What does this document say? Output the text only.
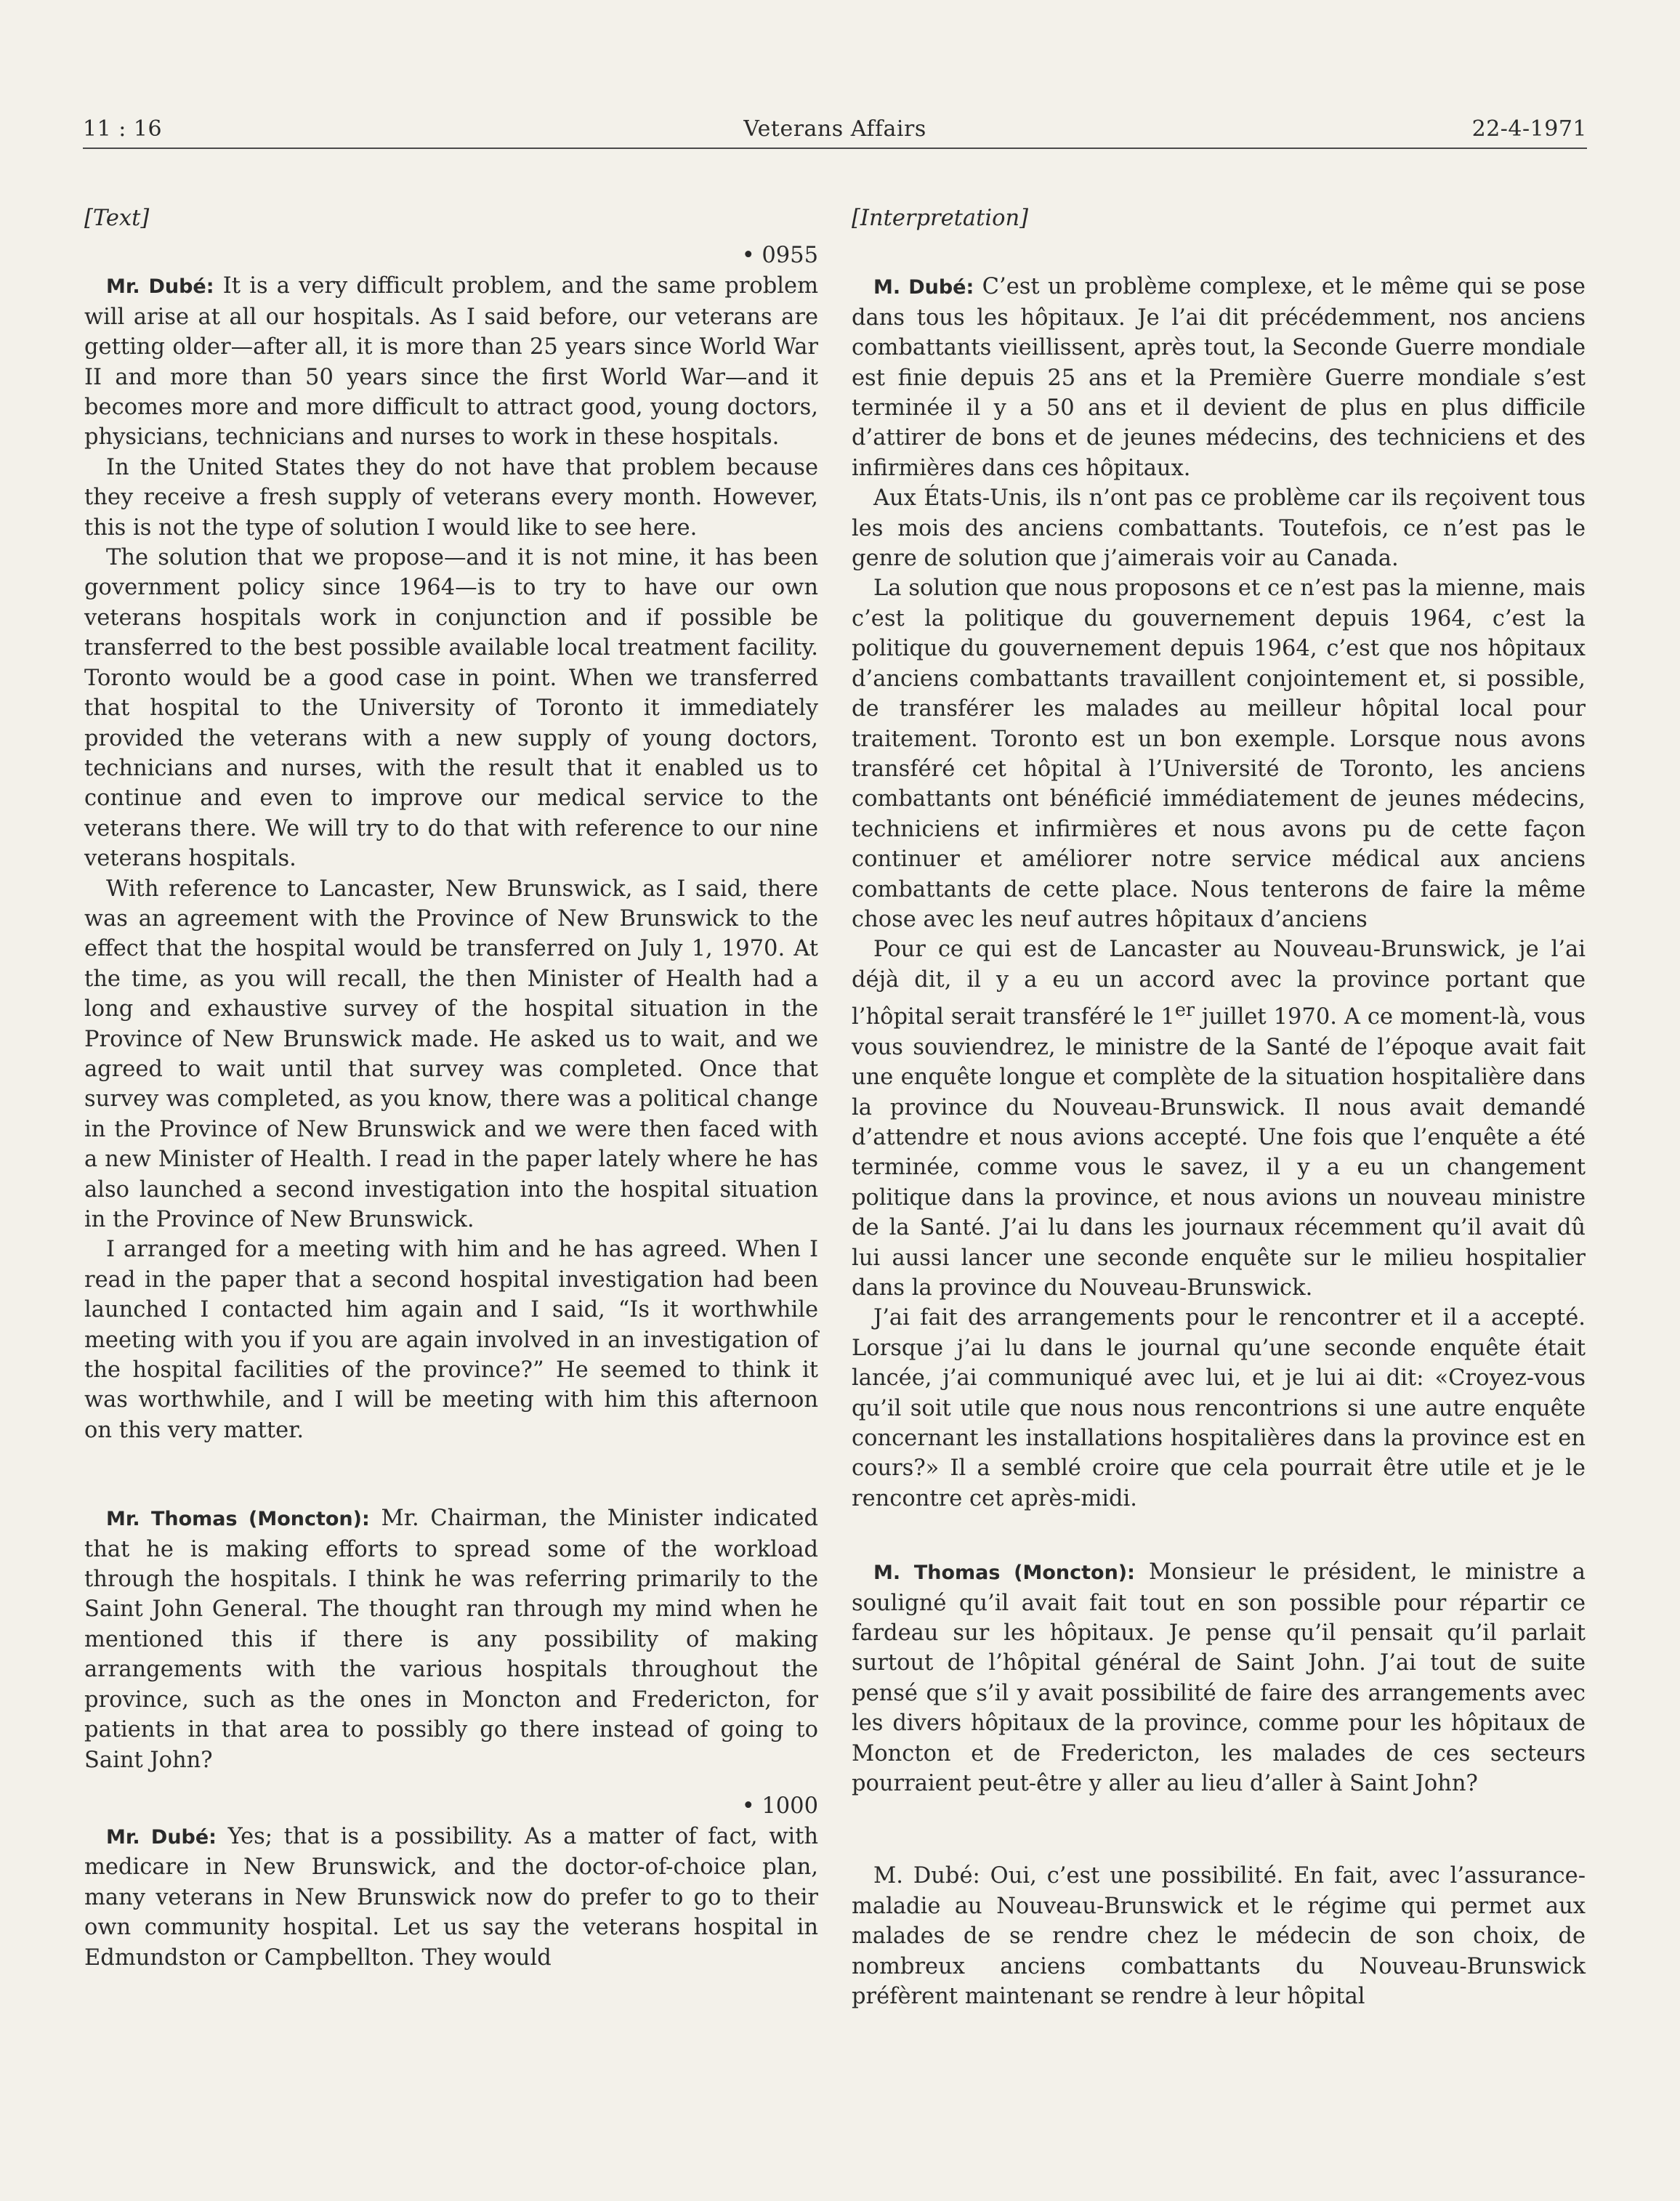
11 : 16	Veterans Affairs	22-4-1971

[Text]

• 0955

Mr. Dubé: It is a very difficult problem, and the same problem will arise at all our hospitals. As I said before, our veterans are getting older—after all, it is more than 25 years since World War II and more than 50 years since the first World War—and it becomes more and more difficult to attract good, young doctors, physicians, technicians and nurses to work in these hospitals.

In the United States they do not have that problem because they receive a fresh supply of veterans every month. However, this is not the type of solution I would like to see here.

The solution that we propose—and it is not mine, it has been government policy since 1964—is to try to have our own veterans hospitals work in conjunction and if possible be transferred to the best possible available local treatment facility. Toronto would be a good case in point. When we transferred that hospital to the University of Toronto it immediately provided the veterans with a new supply of young doctors, technicians and nurses, with the result that it enabled us to continue and even to improve our medical service to the veterans there. We will try to do that with reference to our nine veterans hospitals.

With reference to Lancaster, New Brunswick, as I said, there was an agreement with the Province of New Brunswick to the effect that the hospital would be transferred on July 1, 1970. At the time, as you will recall, the then Minister of Health had a long and exhaustive survey of the hospital situation in the Province of New Brunswick made. He asked us to wait, and we agreed to wait until that survey was completed. Once that survey was completed, as you know, there was a political change in the Province of New Brunswick and we were then faced with a new Minister of Health. I read in the paper lately where he has also launched a second investigation into the hospital situation in the Province of New Brunswick.

I arranged for a meeting with him and he has agreed. When I read in the paper that a second hospital investigation had been launched I contacted him again and I said, “Is it worthwhile meeting with you if you are again involved in an investigation of the hospital facilities of the province?” He seemed to think it was worthwhile, and I will be meeting with him this afternoon on this very matter.

Mr. Thomas (Moncton): Mr. Chairman, the Minister indicated that he is making efforts to spread some of the workload through the hospitals. I think he was referring primarily to the Saint John General. The thought ran through my mind when he mentioned this if there is any possibility of making arrangements with the various hospitals throughout the province, such as the ones in Moncton and Fredericton, for patients in that area to possibly go there instead of going to Saint John?

• 1000

Mr. Dubé: Yes; that is a possibility. As a matter of fact, with medicare in New Brunswick, and the doctor-of-choice plan, many veterans in New Brunswick now do prefer to go to their own community hospital. Let us say the veterans hospital in Edmundston or Campbellton. They would

[Interpretation]

M. Dubé: C’est un problème complexe, et le même qui se pose dans tous les hôpitaux. Je l’ai dit précédemment, nos anciens combattants vieillissent, après tout, la Seconde Guerre mondiale est finie depuis 25 ans et la Première Guerre mondiale s’est terminée il y a 50 ans et il devient de plus en plus difficile d’attirer de bons et de jeunes médecins, des techniciens et des infirmières dans ces hôpitaux.

Aux États-Unis, ils n’ont pas ce problème car ils reçoivent tous les mois des anciens combattants. Toutefois, ce n’est pas le genre de solution que j’aimerais voir au Canada.

La solution que nous proposons et ce n’est pas la mienne, mais c’est la politique du gouvernement depuis 1964, c’est la politique du gouvernement depuis 1964, c’est que nos hôpitaux d’anciens combattants travaillent conjointement et, si possible, de transférer les malades au meilleur hôpital local pour traitement. Toronto est un bon exemple. Lorsque nous avons transféré cet hôpital à l’Université de Toronto, les anciens combattants ont bénéficié immédiatement de jeunes médecins, techniciens et infirmières et nous avons pu de cette façon continuer et améliorer notre service médical aux anciens combattants de cette place. Nous tenterons de faire la même chose avec les neuf autres hôpitaux d’anciens

Pour ce qui est de Lancaster au Nouveau-Brunswick, je l’ai déjà dit, il y a eu un accord avec la province portant que l’hôpital serait transféré le 1er juillet 1970. A ce moment-là, vous vous souviendrez, le ministre de la Santé de l’époque avait fait une enquête longue et complète de la situation hospitalière dans la province du Nouveau-Brunswick. Il nous avait demandé d’attendre et nous avions accepté. Une fois que l’enquête a été terminée, comme vous le savez, il y a eu un changement politique dans la province, et nous avions un nouveau ministre de la Santé. J’ai lu dans les journaux récemment qu’il avait dû lui aussi lancer une seconde enquête sur le milieu hospitalier dans la province du Nouveau-Brunswick.

J’ai fait des arrangements pour le rencontrer et il a accepté. Lorsque j’ai lu dans le journal qu’une seconde enquête était lancée, j’ai communiqué avec lui, et je lui ai dit: «Croyez-vous qu’il soit utile que nous nous rencontrions si une autre enquête concernant les installations hospitalières dans la province est en cours?» Il a semblé croire que cela pourrait être utile et je le rencontre cet après-midi.

M. Thomas (Moncton): Monsieur le président, le ministre a souligné qu’il avait fait tout en son possible pour répartir ce fardeau sur les hôpitaux. Je pense qu’il pensait qu’il parlait surtout de l’hôpital général de Saint John. J’ai tout de suite pensé que s’il y avait possibilité de faire des arrangements avec les divers hôpitaux de la province, comme pour les hôpitaux de Moncton et de Fredericton, les malades de ces secteurs pourraient peut-être y aller au lieu d’aller à Saint John?

M. Dubé: Oui, c’est une possibilité. En fait, avec l’assurance-maladie au Nouveau-Brunswick et le régime qui permet aux malades de se rendre chez le médecin de son choix, de nombreux anciens combattants du Nouveau-Brunswick préfèrent maintenant se rendre à leur hôpital
